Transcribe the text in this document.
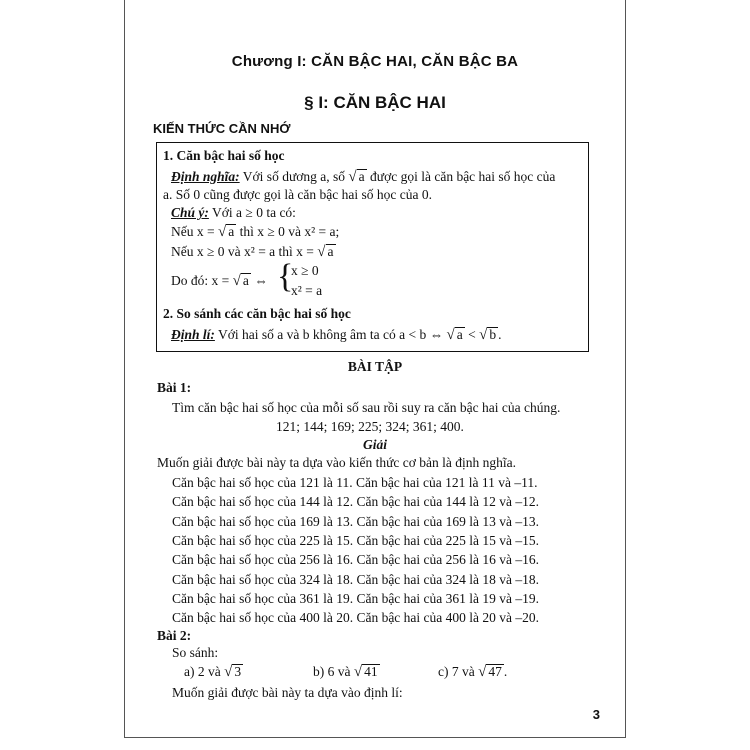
Chương I: CĂN BẬC HAI, CĂN BẬC BA
§ I: CĂN BẬC HAI
KIẾN THỨC CẦN NHỚ
1. Căn bậc hai số học
Định nghĩa: Với số dương a, số √ a được gọi là căn bậc hai số học của
a. Số 0 cũng được gọi là căn bậc hai số học của 0.
Chú ý: Với a ≥ 0 ta có:
Nếu x = √ a thì x ≥ 0 và x² = a;
Nếu x ≥ 0 và x² = a thì x = √ a
Do đó: x = √ a ⇔ {
x ≥ 0
x² = a
2. So sánh các căn bậc hai số học
Định lí: Với hai số a và b không âm ta có a < b ⇔ √ a < √ b .
BÀI TẬP
Bài 1:
Tìm căn bậc hai số học của mỗi số sau rồi suy ra căn bậc hai của chúng.
121; 144; 169; 225; 324; 361; 400.
Giải
Muốn giải được bài này ta dựa vào kiến thức cơ bản là định nghĩa.
Căn bậc hai số học của 121 là 11. Căn bậc hai của 121 là 11 và –11.
Căn bậc hai số học của 144 là 12. Căn bậc hai của 144 là 12 và –12.
Căn bậc hai số học của 169 là 13. Căn bậc hai của 169 là 13 và –13.
Căn bậc hai số học của 225 là 15. Căn bậc hai của 225 là 15 và –15.
Căn bậc hai số học của 256 là 16. Căn bậc hai của 256 là 16 và –16.
Căn bậc hai số học của 324 là 18. Căn bậc hai của 324 là 18 và –18.
Căn bậc hai số học của 361 là 19. Căn bậc hai của 361 là 19 và –19.
Căn bậc hai số học của 400 là 20. Căn bậc hai của 400 là 20 và –20.
Bài 2:
So sánh:
a) 2 và √ 3	b) 6 và √ 41	c) 7 và √ 47 .
Muốn giải được bài này ta dựa vào định lí:
3
